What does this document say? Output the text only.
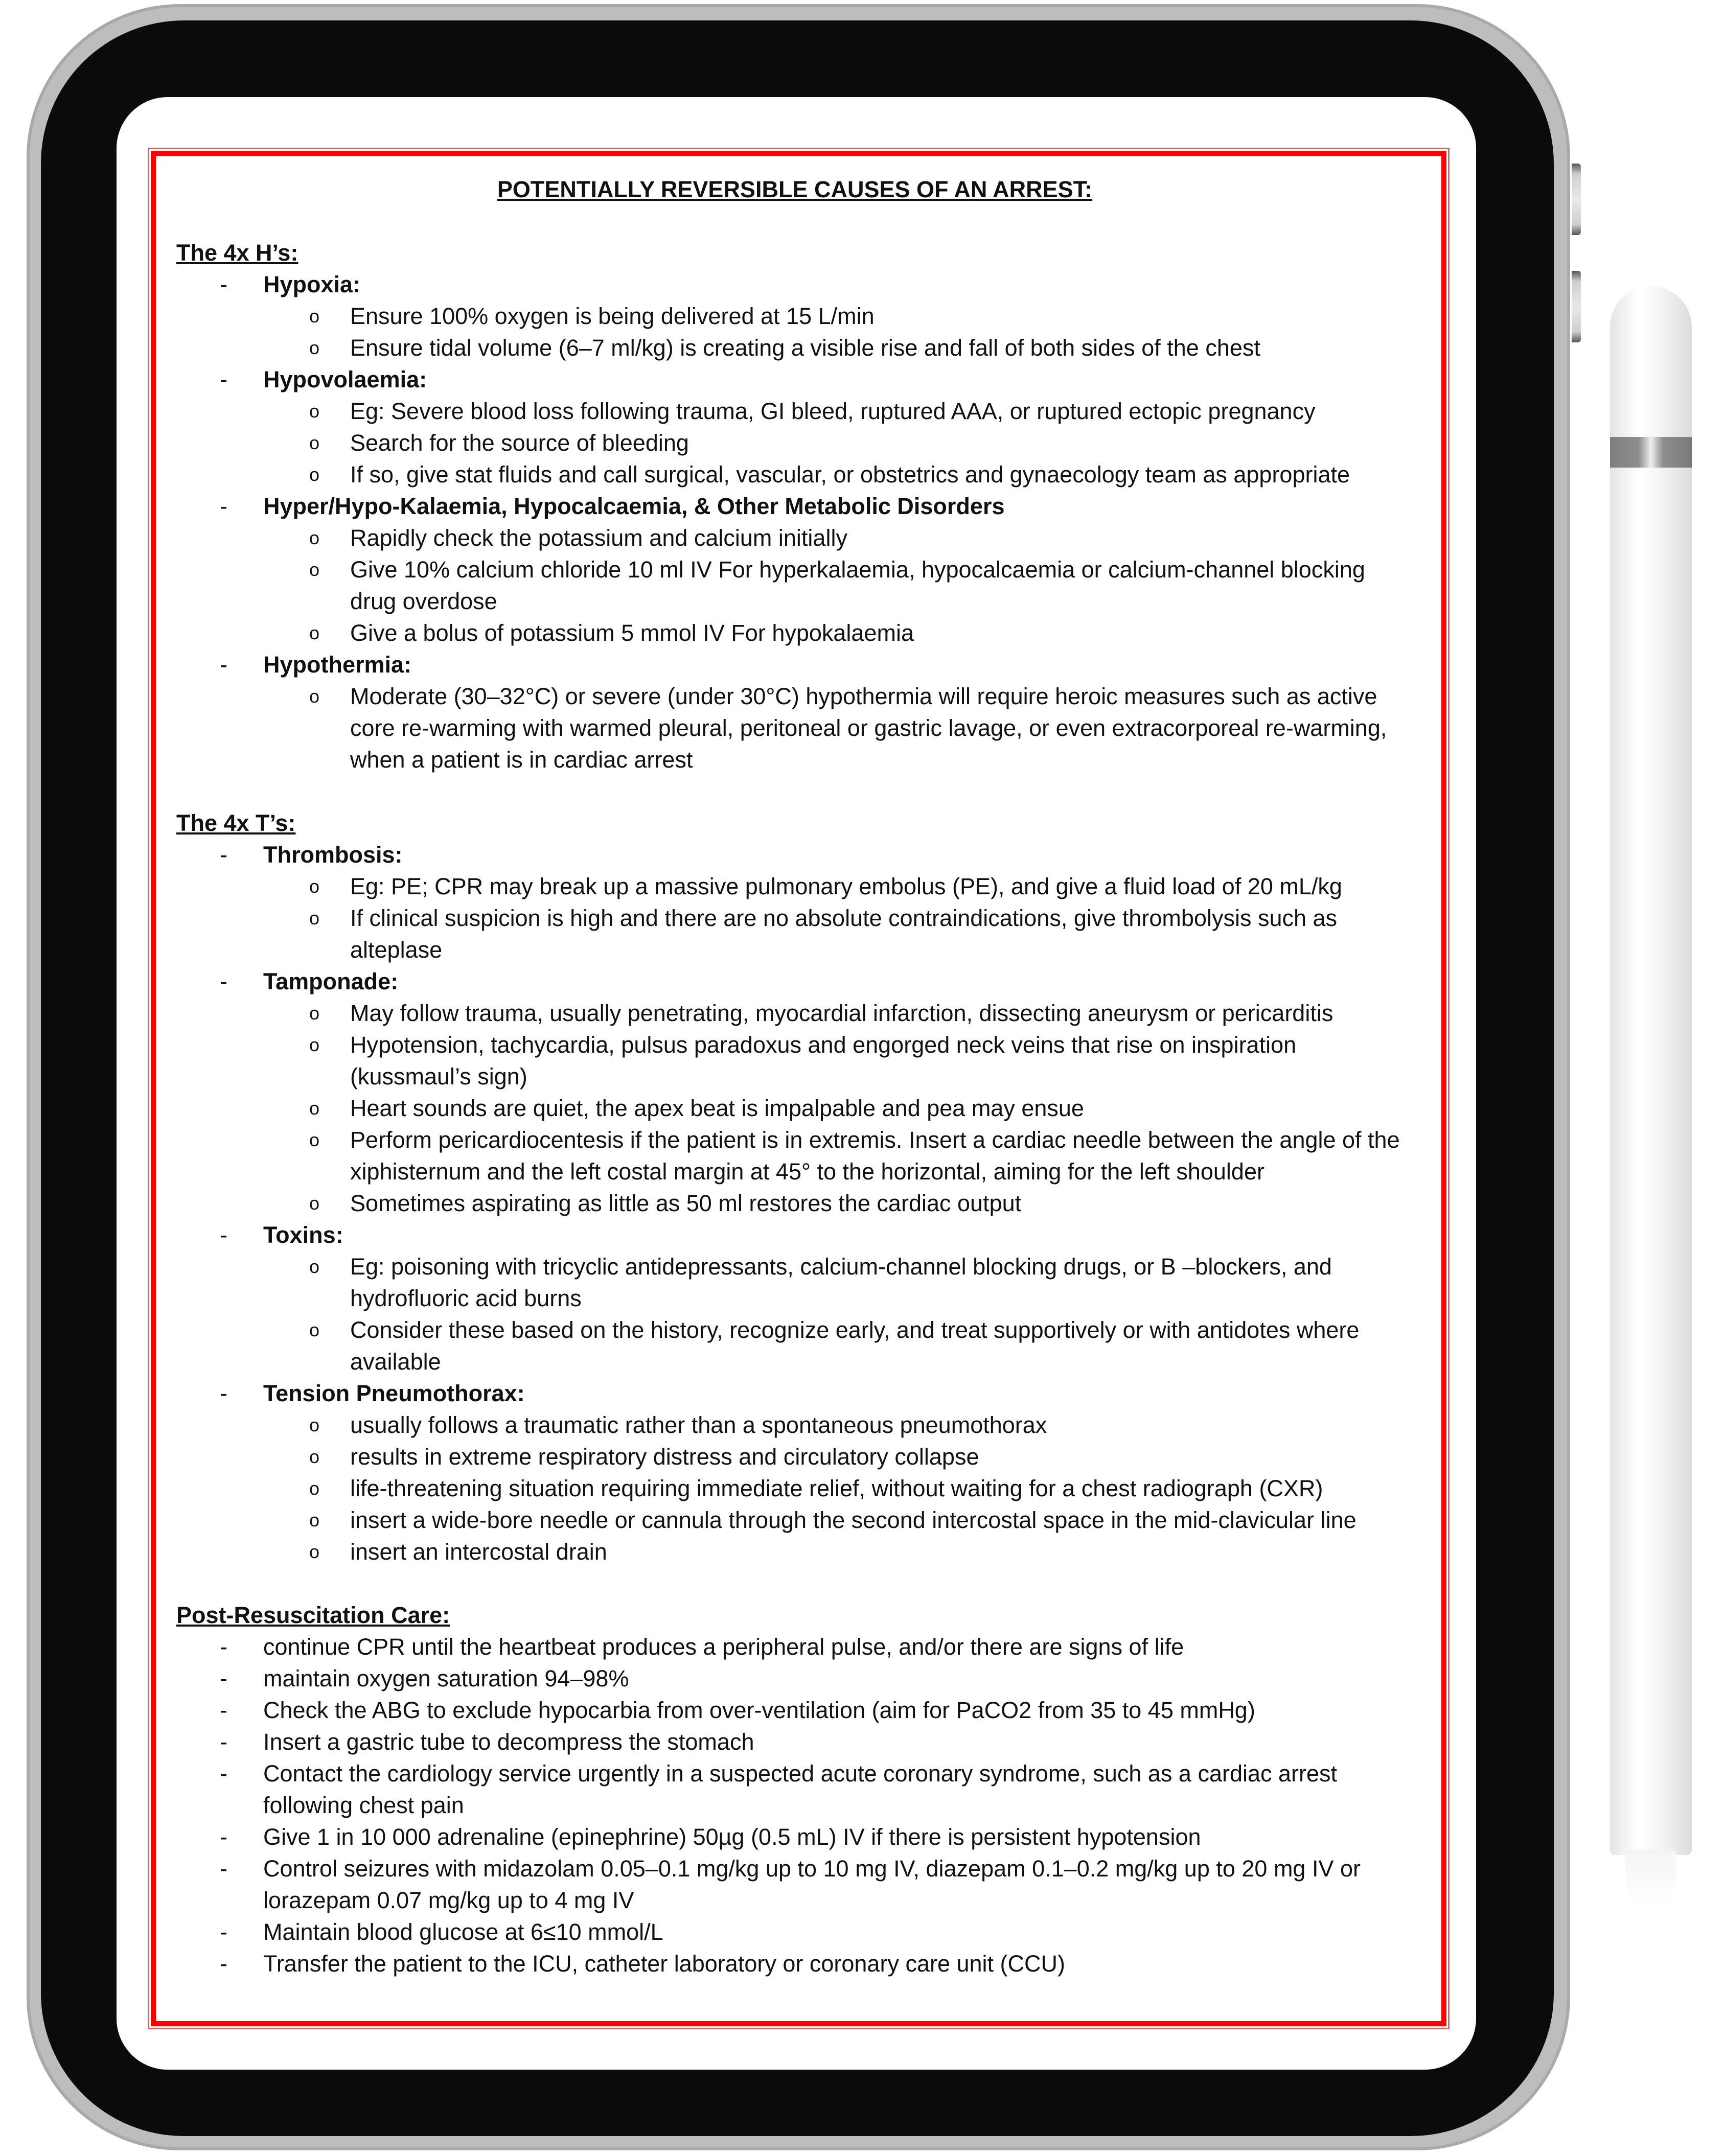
POTENTIALLY REVERSIBLE CAUSES OF AN ARREST:
The 4x H’s:
-	Hypoxia:
o Ensure 100% oxygen is being delivered at 15 L/min
o Ensure tidal volume (6–7 ml/kg) is creating a visible rise and fall of both sides of the chest
-	Hypovolaemia:
o Eg: Severe blood loss following trauma, GI bleed, ruptured AAA, or ruptured ectopic pregnancy
o Search for the source of bleeding
o If so, give stat fluids and call surgical, vascular, or obstetrics and gynaecology team as appropriate
-	Hyper/Hypo-Kalaemia, Hypocalcaemia, & Other Metabolic Disorders
o Rapidly check the potassium and calcium initially
o Give 10% calcium chloride 10 ml IV For hyperkalaemia, hypocalcaemia or calcium-channel blocking drug overdose
o Give a bolus of potassium 5 mmol IV For hypokalaemia
-	Hypothermia:
o Moderate (30–32°C) or severe (under 30°C) hypothermia will require heroic measures such as active core re-warming with warmed pleural, peritoneal or gastric lavage, or even extracorporeal re-warming, when a patient is in cardiac arrest
The 4x T’s:
-	Thrombosis:
o Eg: PE; CPR may break up a massive pulmonary embolus (PE), and give a fluid load of 20 mL/kg
o If clinical suspicion is high and there are no absolute contraindications, give thrombolysis such as alteplase
-	Tamponade:
o May follow trauma, usually penetrating, myocardial infarction, dissecting aneurysm or pericarditis
o Hypotension, tachycardia, pulsus paradoxus and engorged neck veins that rise on inspiration (kussmaul’s sign)
o Heart sounds are quiet, the apex beat is impalpable and pea may ensue
o Perform pericardiocentesis if the patient is in extremis. Insert a cardiac needle between the angle of the xiphisternum and the left costal margin at 45° to the horizontal, aiming for the left shoulder
o Sometimes aspirating as little as 50 ml restores the cardiac output
-	Toxins:
o Eg: poisoning with tricyclic antidepressants, calcium-channel blocking drugs, or B –blockers, and hydrofluoric acid burns
o Consider these based on the history, recognize early, and treat supportively or with antidotes where available
-	Tension Pneumothorax:
o usually follows a traumatic rather than a spontaneous pneumothorax
o results in extreme respiratory distress and circulatory collapse
o life-threatening situation requiring immediate relief, without waiting for a chest radiograph (CXR)
o insert a wide-bore needle or cannula through the second intercostal space in the mid-clavicular line
o insert an intercostal drain
Post-Resuscitation Care:
-	continue CPR until the heartbeat produces a peripheral pulse, and/or there are signs of life
-	maintain oxygen saturation 94–98%
-	Check the ABG to exclude hypocarbia from over-ventilation (aim for PaCO2 from 35 to 45 mmHg)
-	Insert a gastric tube to decompress the stomach
-	Contact the cardiology service urgently in a suspected acute coronary syndrome, such as a cardiac arrest following chest pain
-	Give 1 in 10 000 adrenaline (epinephrine) 50µg (0.5 mL) IV if there is persistent hypotension
-	Control seizures with midazolam 0.05–0.1 mg/kg up to 10 mg IV, diazepam 0.1–0.2 mg/kg up to 20 mg IV or lorazepam 0.07 mg/kg up to 4 mg IV
-	Maintain blood glucose at 6≤10 mmol/L
-	Transfer the patient to the ICU, catheter laboratory or coronary care unit (CCU)
